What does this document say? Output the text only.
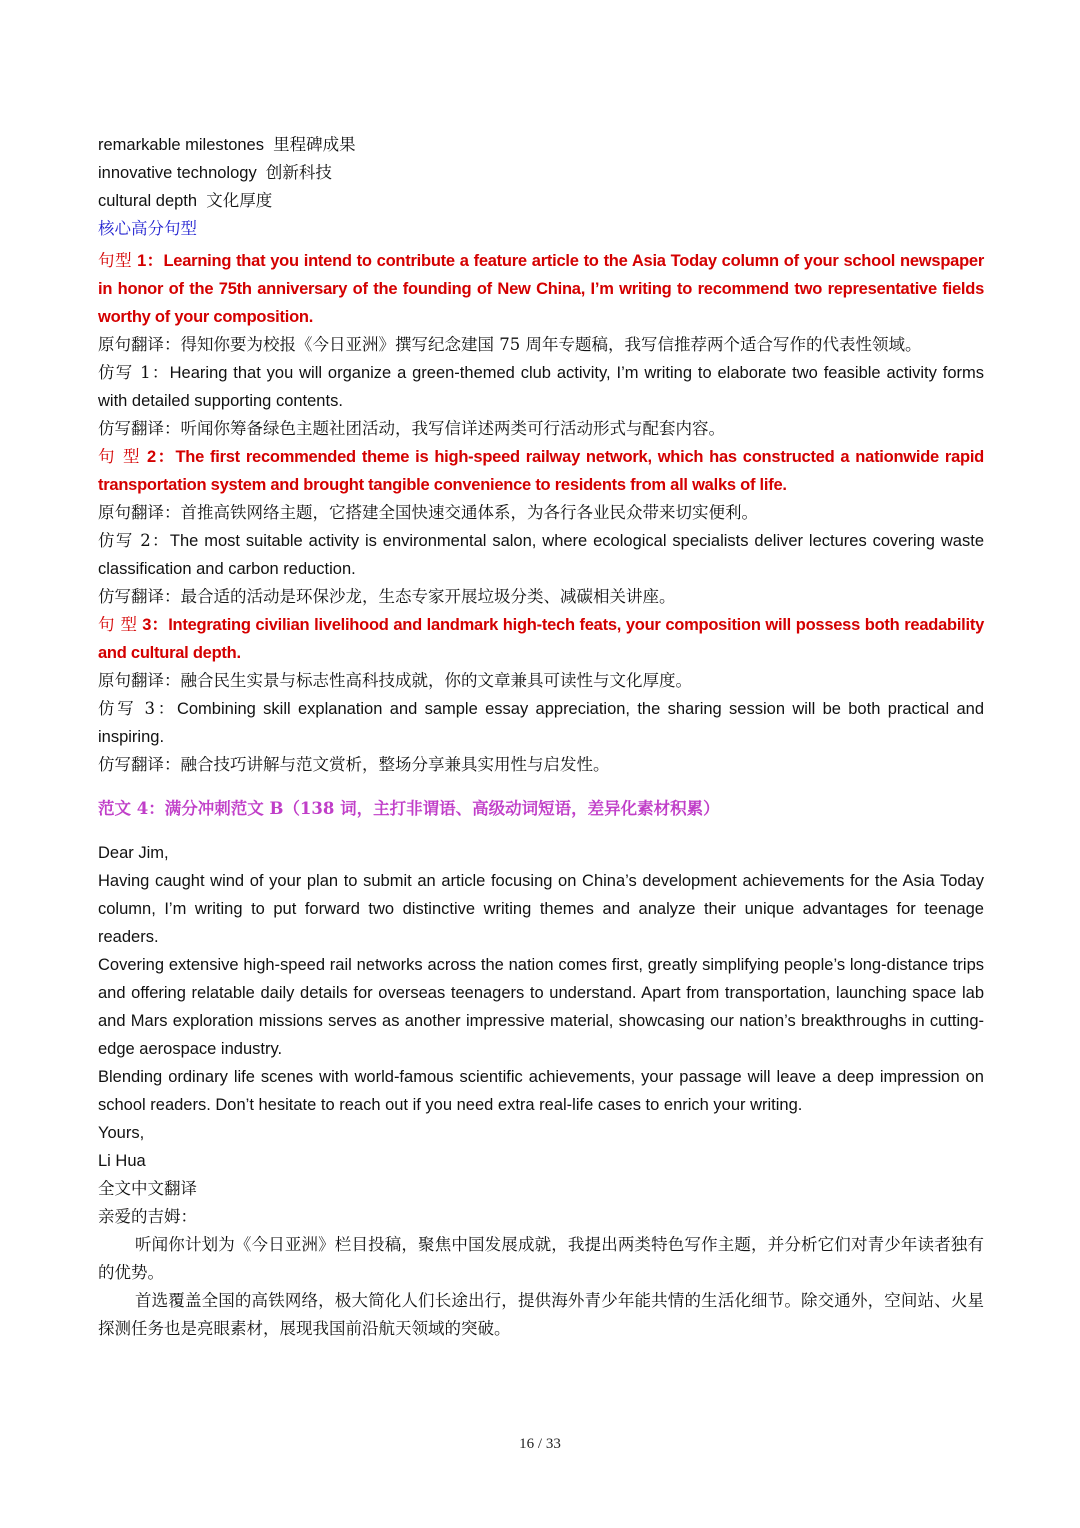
remarkable milestones 里程碑成果
innovative technology 创新科技
cultural depth 文化厚度
核心高分句型
句型 1：Learning that you intend to contribute a feature article to the Asia Today column of your school newspaper in honor of the 75th anniversary of the founding of New China, I’m writing to recommend two representative fields worthy of your composition.
原句翻译：得知你要为校报《今日亚洲》撰写纪念建国 75 周年专题稿，我写信推荐两个适合写作的代表性领域。
仿写 1：Hearing that you will organize a green-themed club activity, I’m writing to elaborate two feasible activity forms with detailed supporting contents.
仿写翻译：听闻你筹备绿色主题社团活动，我写信详述两类可行活动形式与配套内容。
句 型 2：The first recommended theme is high-speed railway network, which has constructed a nationwide rapid transportation system and brought tangible convenience to residents from all walks of life.
原句翻译：首推高铁网络主题，它搭建全国快速交通体系，为各行各业民众带来切实便利。
仿写 2：The most suitable activity is environmental salon, where ecological specialists deliver lectures covering waste classification and carbon reduction.
仿写翻译：最合适的活动是环保沙龙，生态专家开展垃圾分类、减碳相关讲座。
句 型 3：Integrating civilian livelihood and landmark high-tech feats, your composition will possess both readability and cultural depth.
原句翻译：融合民生实景与标志性高科技成就，你的文章兼具可读性与文化厚度。
仿写 3：Combining skill explanation and sample essay appreciation, the sharing session will be both practical and inspiring.
仿写翻译：融合技巧讲解与范文赏析，整场分享兼具实用性与启发性。
范文 4：满分冲刺范文 B（138 词，主打非谓语、高级动词短语，差异化素材积累）
Dear Jim,
Having caught wind of your plan to submit an article focusing on China’s development achievements for the Asia Today column, I’m writing to put forward two distinctive writing themes and analyze their unique advantages for teenage readers.
Covering extensive high-speed rail networks across the nation comes first, greatly simplifying people’s long-distance trips and offering relatable daily details for overseas teenagers to understand. Apart from transportation, launching space lab and Mars exploration missions serves as another impressive material, showcasing our nation’s breakthroughs in cutting-edge aerospace industry.
Blending ordinary life scenes with world-famous scientific achievements, your passage will leave a deep impression on school readers. Don’t hesitate to reach out if you need extra real-life cases to enrich your writing.
Yours,
Li Hua
全文中文翻译
亲爱的吉姆：
听闻你计划为《今日亚洲》栏目投稿，聚焦中国发展成就，我提出两类特色写作主题，并分析它们对青少年读者独有的优势。
首选覆盖全国的高铁网络，极大简化人们长途出行，提供海外青少年能共情的生活化细节。除交通外，空间站、火星探测任务也是亮眼素材，展现我国前沿航天领域的突破。
16 / 33
